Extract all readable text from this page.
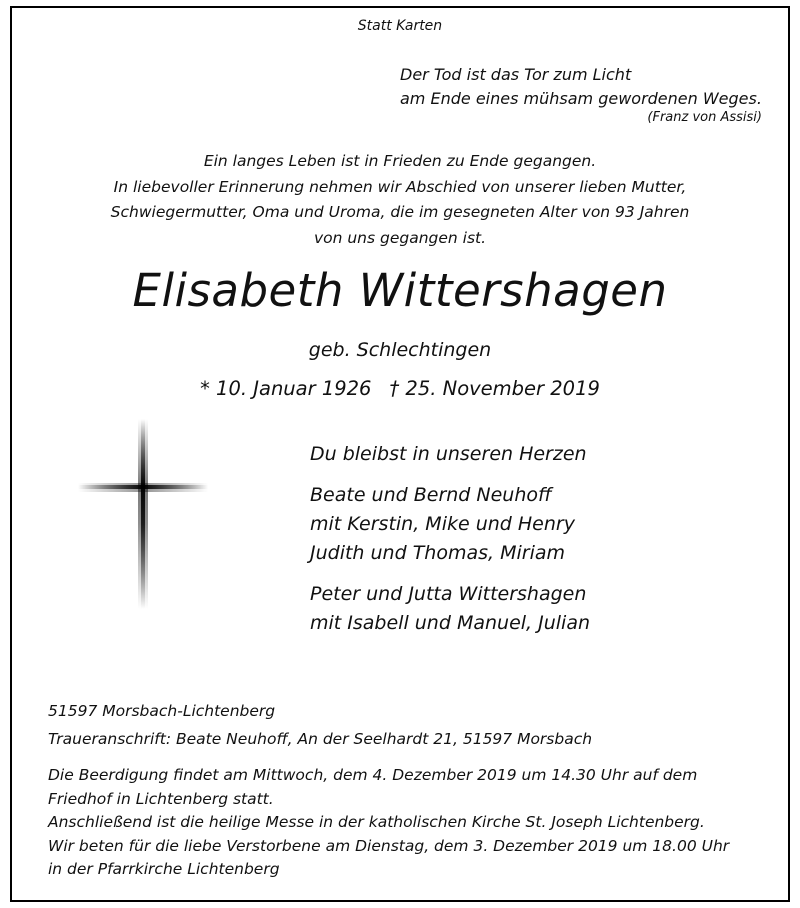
Statt Karten
Der Tod ist das Tor zum Licht
am Ende eines mühsam gewordenen Weges.
(Franz von Assisi)
Ein langes Leben ist in Frieden zu Ende gegangen.
In liebevoller Erinnerung nehmen wir Abschied von unserer lieben Mutter,
Schwiegermutter, Oma und Uroma, die im gesegneten Alter von 93 Jahren
von uns gegangen ist.
Elisabeth Wittershagen
geb. Schlechtingen
* 10. Januar 1926 † 25. November 2019
Du bleibst in unseren Herzen
Beate und Bernd Neuhoff
mit Kerstin, Mike und Henry
Judith und Thomas, Miriam
Peter und Jutta Wittershagen
mit Isabell und Manuel, Julian
51597 Morsbach-Lichtenberg
Traueranschrift: Beate Neuhoff, An der Seelhardt 21, 51597 Morsbach
Die Beerdigung findet am Mittwoch, dem 4. Dezember 2019 um 14.30 Uhr auf dem
Friedhof in Lichtenberg statt.
Anschließend ist die heilige Messe in der katholischen Kirche St. Joseph Lichtenberg.
Wir beten für die liebe Verstorbene am Dienstag, dem 3. Dezember 2019 um 18.00 Uhr
in der Pfarrkirche Lichtenberg
